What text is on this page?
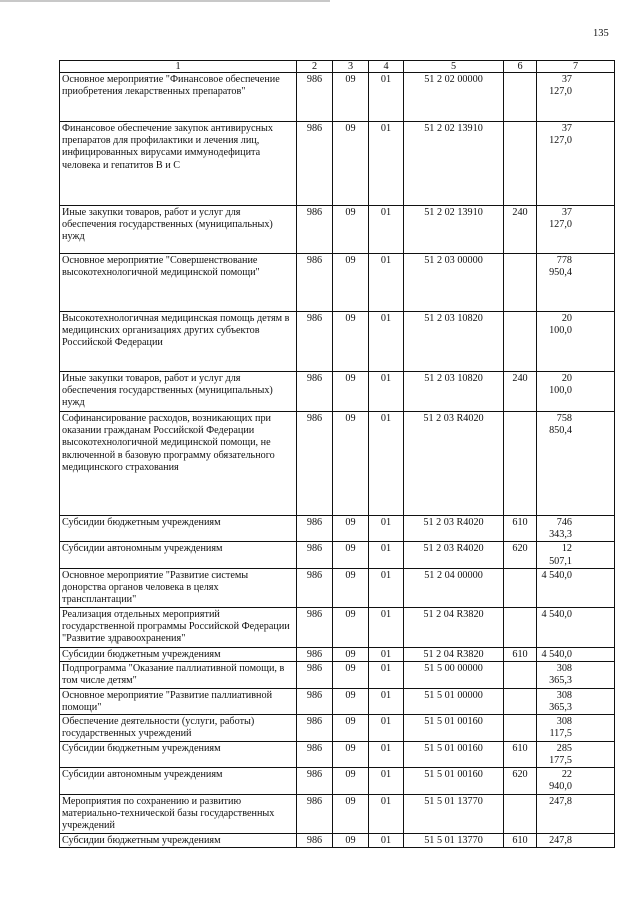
135
1	2	3	4	5	6	7
Основное мероприятие "Финансовое обеспечение приобретения лекарственных препаратов"	986	09	01	51 2 02 00000		37 127,0
Финансовое обеспечение закупок антивирусных препаратов для профилактики и лечения лиц, инфицированных вирусами иммунодефицита человека и гепатитов В и С	986	09	01	51 2 02 13910		37 127,0
Иные закупки товаров, работ и услуг для обеспечения государственных (муниципальных) нужд	986	09	01	51 2 02 13910	240	37 127,0
Основное мероприятие "Совершенствование высокотехнологичной медицинской помощи"	986	09	01	51 2 03 00000		778 950,4
Высокотехнологичная медицинская помощь детям в медицинских организациях других субъектов Российской Федерации	986	09	01	51 2 03 10820		20 100,0
Иные закупки товаров, работ и услуг для обеспечения государственных (муниципальных) нужд	986	09	01	51 2 03 10820	240	20 100,0
Софинансирование расходов, возникающих при оказании гражданам Российской Федерации высокотехнологичной медицинской помощи, не включенной в базовую программу обязательного медицинского страхования	986	09	01	51 2 03 R4020		758 850,4
Субсидии бюджетным учреждениям	986	09	01	51 2 03 R4020	610	746 343,3
Субсидии автономным учреждениям	986	09	01	51 2 03 R4020	620	12 507,1
Основное мероприятие "Развитие системы донорства органов человека в целях трансплантации"	986	09	01	51 2 04 00000		4 540,0
Реализация отдельных мероприятий государственной программы Российской Федерации "Развитие здравоохранения"	986	09	01	51 2 04 R3820		4 540,0
Субсидии бюджетным учреждениям	986	09	01	51 2 04 R3820	610	4 540,0
Подпрограмма "Оказание паллиативной помощи, в том числе детям"	986	09	01	51 5 00 00000		308 365,3
Основное мероприятие "Развитие паллиативной помощи"	986	09	01	51 5 01 00000		308 365,3
Обеспечение деятельности (услуги, работы) государственных учреждений	986	09	01	51 5 01 00160		308 117,5
Субсидии бюджетным учреждениям	986	09	01	51 5 01 00160	610	285 177,5
Субсидии автономным учреждениям	986	09	01	51 5 01 00160	620	22 940,0
Мероприятия по сохранению и развитию материально-технической базы государственных учреждений	986	09	01	51 5 01 13770		247,8
Субсидии бюджетным учреждениям	986	09	01	51 5 01 13770	610	247,8
